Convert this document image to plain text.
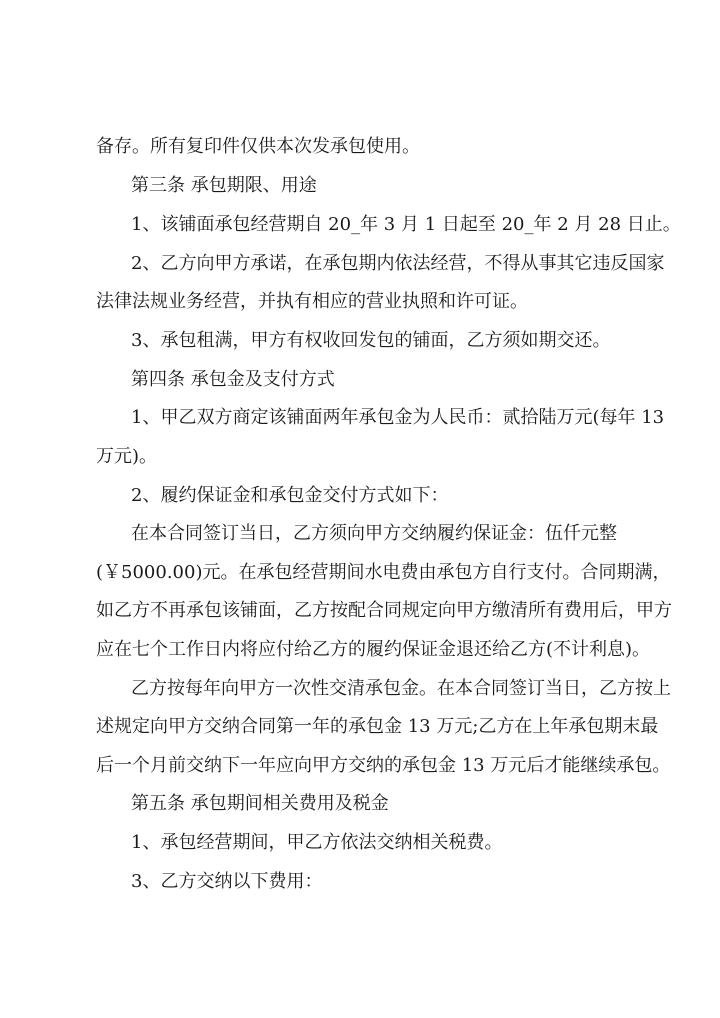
备存。所有复印件仅供本次发承包使用。
第三条 承包期限、用途
1、该铺面承包经营期自 20_年 3 月 1 日起至 20_年 2 月 28 日止。
2、乙方向甲方承诺，在承包期内依法经营，不得从事其它违反国家
法律法规业务经营，并执有相应的营业执照和许可证。
3、承包租满，甲方有权收回发包的铺面，乙方须如期交还。
第四条 承包金及支付方式
1、甲乙双方商定该铺面两年承包金为人民币：贰拾陆万元(每年 13
万元)。
2、履约保证金和承包金交付方式如下：
在本合同签订当日，乙方须向甲方交纳履约保证金：伍仟元整
(￥5000.00)元。在承包经营期间水电费由承包方自行支付。合同期满，
如乙方不再承包该铺面，乙方按配合同规定向甲方缴清所有费用后，甲方
应在七个工作日内将应付给乙方的履约保证金退还给乙方(不计利息)。
乙方按每年向甲方一次性交清承包金。在本合同签订当日，乙方按上
述规定向甲方交纳合同第一年的承包金 13 万元;乙方在上年承包期末最
后一个月前交纳下一年应向甲方交纳的承包金 13 万元后才能继续承包。
第五条 承包期间相关费用及税金
1、承包经营期间，甲乙方依法交纳相关税费。
3、乙方交纳以下费用：
